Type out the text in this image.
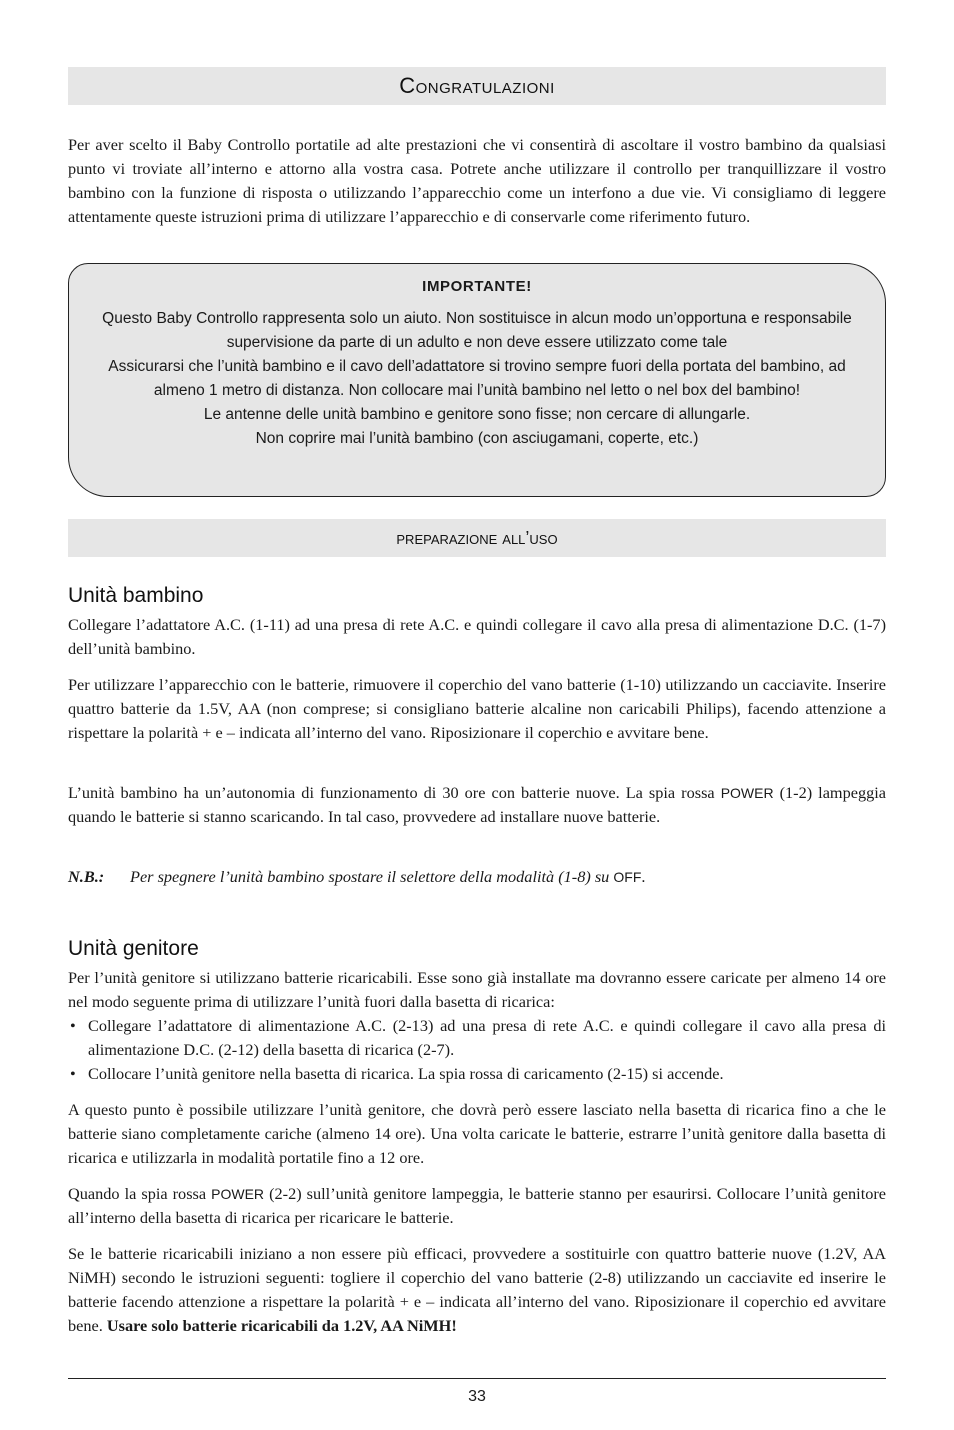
Congratulazioni

Per aver scelto il Baby Controllo portatile ad alte prestazioni che vi consentirà di ascoltare il vostro bambino da qualsiasi punto vi troviate all’interno e attorno alla vostra casa. Potrete anche utilizzare il controllo per tranquillizzare il vostro bambino con la funzione di risposta o utilizzando l’apparecchio come un interfono a due vie. Vi consigliamo di leggere attentamente queste istruzioni prima di utilizzare l’apparecchio e di conservarle come riferimento futuro.

IMPORTANTE!

Questo Baby Controllo rappresenta solo un aiuto. Non sostituisce in alcun modo un’opportuna e responsabile supervisione da parte di un adulto e non deve essere utilizzato come tale

Assicurarsi che l’unità bambino e il cavo dell’adattatore si trovino sempre fuori della portata del bambino, ad almeno 1 metro di distanza. Non collocare mai l’unità bambino nel letto o nel box del bambino!

Le antenne delle unità bambino e genitore sono fisse; non cercare di allungarle.

Non coprire mai l’unità bambino (con asciugamani, coperte, etc.)

preparazione all’uso
Unità bambino

Collegare l’adattatore A.C. (1-11) ad una presa di rete A.C. e quindi collegare il cavo alla presa di alimentazione D.C. (1-7) dell’unità bambino.

Per utilizzare l’apparecchio con le batterie, rimuovere il coperchio del vano batterie (1-10) utilizzando un cacciavite. Inserire quattro batterie da 1.5V, AA (non comprese; si consigliano batterie alcaline non caricabili Philips), facendo attenzione a rispettare la polarità + e – indicata all’interno del vano. Riposizionare il coperchio e avvitare bene.

L’unità bambino ha un’autonomia di funzionamento di 30 ore con batterie nuove. La spia rossa POWER (1-2) lampeggia quando le batterie si stanno scaricando. In tal caso, provvedere ad installare nuove batterie.

N.B.: Per spegnere l’unità bambino spostare il selettore della modalità (1-8) su OFF.
Unità genitore

Per l’unità genitore si utilizzano batterie ricaricabili. Esse sono già installate ma dovranno essere caricate per almeno 14 ore nel modo seguente prima di utilizzare l’unità fuori dalla basetta di ricarica:

• Collegare l’adattatore di alimentazione A.C. (2-13) ad una presa di rete A.C. e quindi collegare il cavo alla presa di alimentazione D.C. (2-12) della basetta di ricarica (2-7).
• Collocare l’unità genitore nella basetta di ricarica. La spia rossa di caricamento (2-15) si accende.

A questo punto è possibile utilizzare l’unità genitore, che dovrà però essere lasciato nella basetta di ricarica fino a che le batterie siano completamente cariche (almeno 14 ore). Una volta caricate le batterie, estrarre l’unità genitore dalla basetta di ricarica e utilizzarla in modalità portatile fino a 12 ore.

Quando la spia rossa POWER (2-2) sull’unità genitore lampeggia, le batterie stanno per esaurirsi. Collocare l’unità genitore all’interno della basetta di ricarica per ricaricare le batterie.

Se le batterie ricaricabili iniziano a non essere più efficaci, provvedere a sostituirle con quattro batterie nuove (1.2V, AA NiMH) secondo le istruzioni seguenti: togliere il coperchio del vano batterie (2-8) utilizzando un cacciavite ed inserire le batterie facendo attenzione a rispettare la polarità + e – indicata all’interno del vano. Riposizionare il coperchio ed avvitare bene. Usare solo batterie ricaricabili da 1.2V, AA NiMH!

33
